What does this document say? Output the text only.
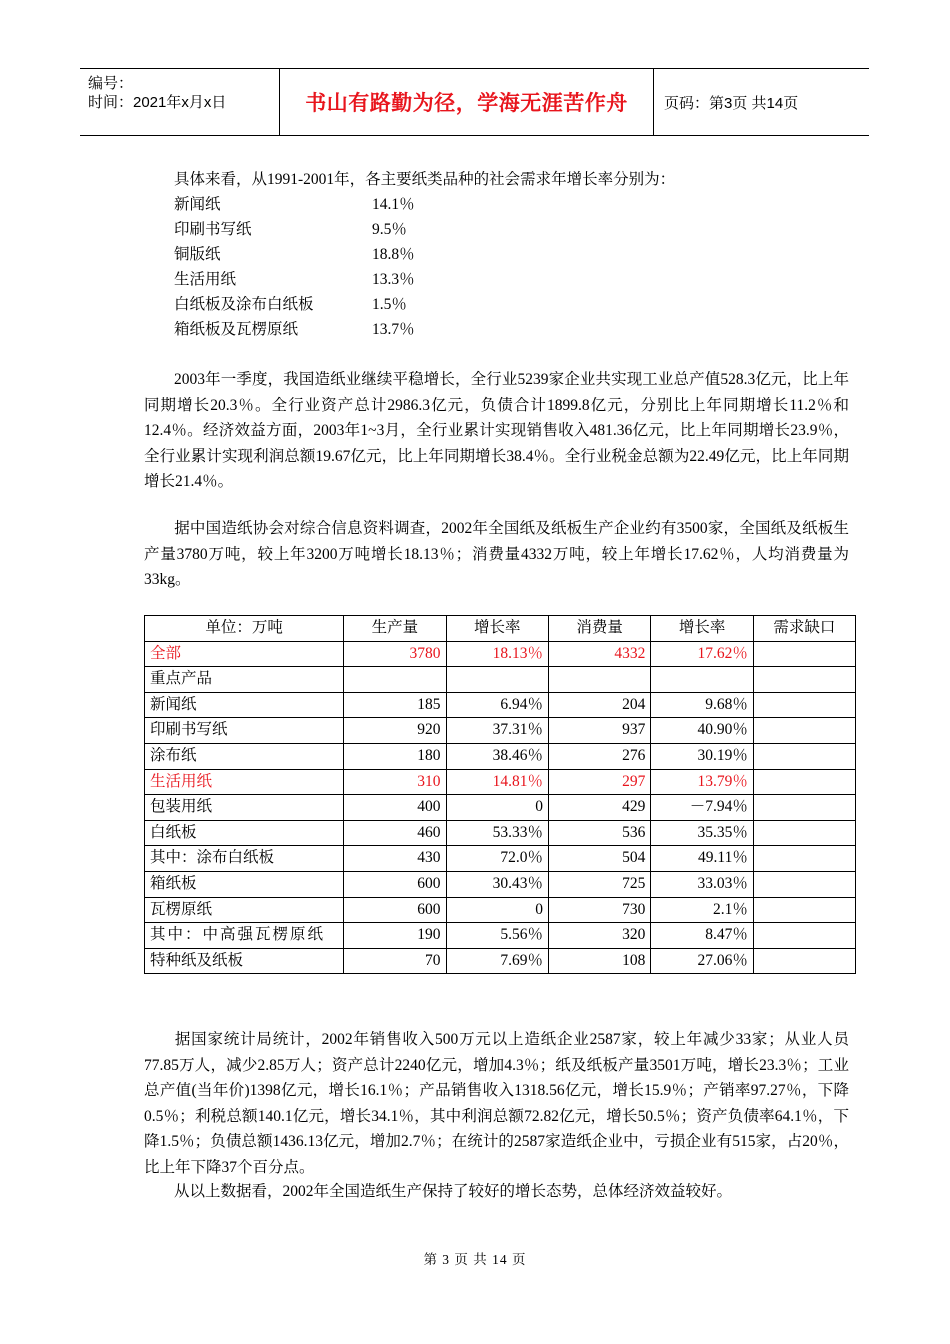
编号：
时间：2021年x月x日	书山有路勤为径，学海无涯苦作舟	页码：第3页 共14页
具体来看，从1991-2001年，各主要纸类品种的社会需求年增长率分别为：
新闻纸	14.1％
印刷书写纸	9.5％
铜版纸	18.8％
生活用纸	13.3％
白纸板及涂布白纸板	1.5％
箱纸板及瓦楞原纸	13.7％
2003年一季度，我国造纸业继续平稳增长，全行业5239家企业共实现工业总产值528.3亿元，比上年同期增长20.3％。全行业资产总计2986.3亿元，负债合计1899.8亿元，分别比上年同期增长11.2％和12.4％。经济效益方面，2003年1~3月，全行业累计实现销售收入481.36亿元，比上年同期增长23.9％，全行业累计实现利润总额19.67亿元，比上年同期增长38.4％。全行业税金总额为22.49亿元，比上年同期增长21.4％。
据中国造纸协会对综合信息资料调查，2002年全国纸及纸板生产企业约有3500家，全国纸及纸板生产量3780万吨，较上年3200万吨增长18.13％；消费量4332万吨，较上年增长17.62％，人均消费量为33kg。
单位：万吨	生产量	增长率	消费量	增长率	需求缺口
全部	3780	18.13％	4332	17.62％	
重点产品					
新闻纸	185	6.94％	204	9.68％	
印刷书写纸	920	37.31％	937	40.90％	
涂布纸	180	38.46％	276	30.19％	
生活用纸	310	14.81％	297	13.79％	
包装用纸	400	0	429	－7.94％	
白纸板	460	53.33％	536	35.35％	
其中：涂布白纸板	430	72.0％	504	49.11％	
箱纸板	600	30.43％	725	33.03％	
瓦楞原纸	600	0	730	2.1％	
其中：中高强瓦楞原纸	190	5.56％	320	8.47％	
特种纸及纸板	70	7.69％	108	27.06％	
据国家统计局统计，2002年销售收入500万元以上造纸企业2587家，较上年减少33家；从业人员77.85万人，减少2.85万人；资产总计2240亿元，增加4.3％；纸及纸板产量3501万吨，增长23.3％；工业总产值(当年价)1398亿元，增长16.1％；产品销售收入1318.56亿元，增长15.9％；产销率97.27％，下降0.5％；利税总额140.1亿元，增长34.1％，其中利润总额72.82亿元，增长50.5％；资产负债率64.1％，下降1.5％；负债总额1436.13亿元，增加2.7％；在统计的2587家造纸企业中，亏损企业有515家，占20％，比上年下降37个百分点。
从以上数据看，2002年全国造纸生产保持了较好的增长态势，总体经济效益较好。
第 3 页 共 14 页
